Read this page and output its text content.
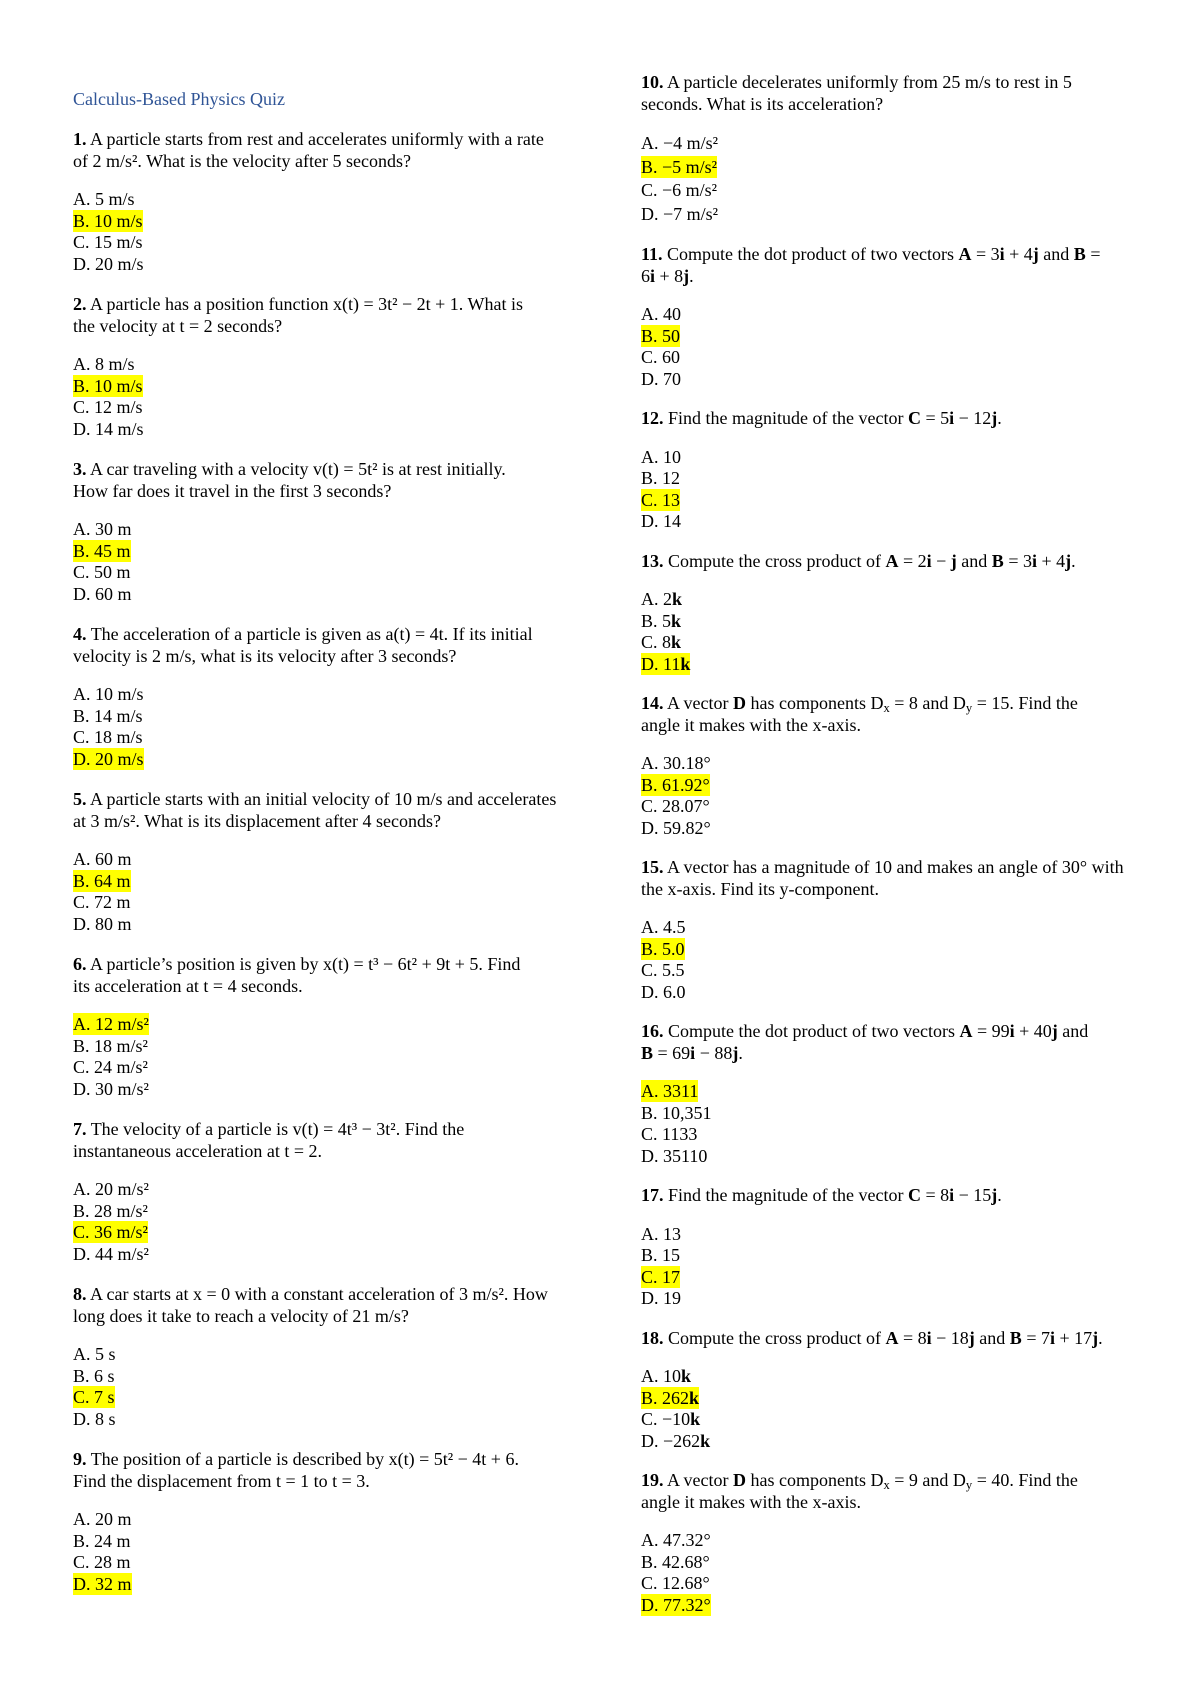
Calculus-Based Physics Quiz
1. A particle starts from rest and accelerates uniformly with a rate
of 2 m/s². What is the velocity after 5 seconds?
A. 5 m/s
B. 10 m/s
C. 15 m/s
D. 20 m/s
2. A particle has a position function x(t) = 3t² − 2t + 1. What is
the velocity at t = 2 seconds?
A. 8 m/s
B. 10 m/s
C. 12 m/s
D. 14 m/s
3. A car traveling with a velocity v(t) = 5t² is at rest initially.
How far does it travel in the first 3 seconds?
A. 30 m
B. 45 m
C. 50 m
D. 60 m
4. The acceleration of a particle is given as a(t) = 4t. If its initial
velocity is 2 m/s, what is its velocity after 3 seconds?
A. 10 m/s
B. 14 m/s
C. 18 m/s
D. 20 m/s
5. A particle starts with an initial velocity of 10 m/s and accelerates
at 3 m/s². What is its displacement after 4 seconds?
A. 60 m
B. 64 m
C. 72 m
D. 80 m
6. A particle’s position is given by x(t) = t³ − 6t² + 9t + 5. Find
its acceleration at t = 4 seconds.
A. 12 m/s²
B. 18 m/s²
C. 24 m/s²
D. 30 m/s²
7. The velocity of a particle is v(t) = 4t³ − 3t². Find the
instantaneous acceleration at t = 2.
A. 20 m/s²
B. 28 m/s²
C. 36 m/s²
D. 44 m/s²
8. A car starts at x = 0 with a constant acceleration of 3 m/s². How
long does it take to reach a velocity of 21 m/s?
A. 5 s
B. 6 s
C. 7 s
D. 8 s
9. The position of a particle is described by x(t) = 5t² − 4t + 6.
Find the displacement from t = 1 to t = 3.
A. 20 m
B. 24 m
C. 28 m
D. 32 m
10. A particle decelerates uniformly from 25 m/s to rest in 5
seconds. What is its acceleration?
A. −4 m/s²
B. −5 m/s²
C. −6 m/s²
D. −7 m/s²
11. Compute the dot product of two vectors A = 3i + 4j and B =
6i + 8j.
A. 40
B. 50
C. 60
D. 70
12. Find the magnitude of the vector C = 5i − 12j.
A. 10
B. 12
C. 13
D. 14
13. Compute the cross product of A = 2i − j and B = 3i + 4j.
A. 2k
B. 5k
C. 8k
D. 11k
14. A vector D has components $D_x = 8$ and $D_y = 15$. Find the
angle it makes with the x-axis.
A. 30.18°
B. 61.92°
C. 28.07°
D. 59.82°
15. A vector has a magnitude of 10 and makes an angle of 30° with
the x-axis. Find its y-component.
A. 4.5
B. 5.0
C. 5.5
D. 6.0
16. Compute the dot product of two vectors A = 99i + 40j and
B = 69i − 88j.
A. 3311
B. 10,351
C. 1133
D. 35110
17. Find the magnitude of the vector C = 8i − 15j.
A. 13
B. 15
C. 17
D. 19
18. Compute the cross product of A = 8i − 18j and B = 7i + 17j.
A. 10k
B. 262k
C. −10k
D. −262k
19. A vector D has components $D_x = 9$ and $D_y = 40$. Find the
angle it makes with the x-axis.
A. 47.32°
B. 42.68°
C. 12.68°
D. 77.32°
